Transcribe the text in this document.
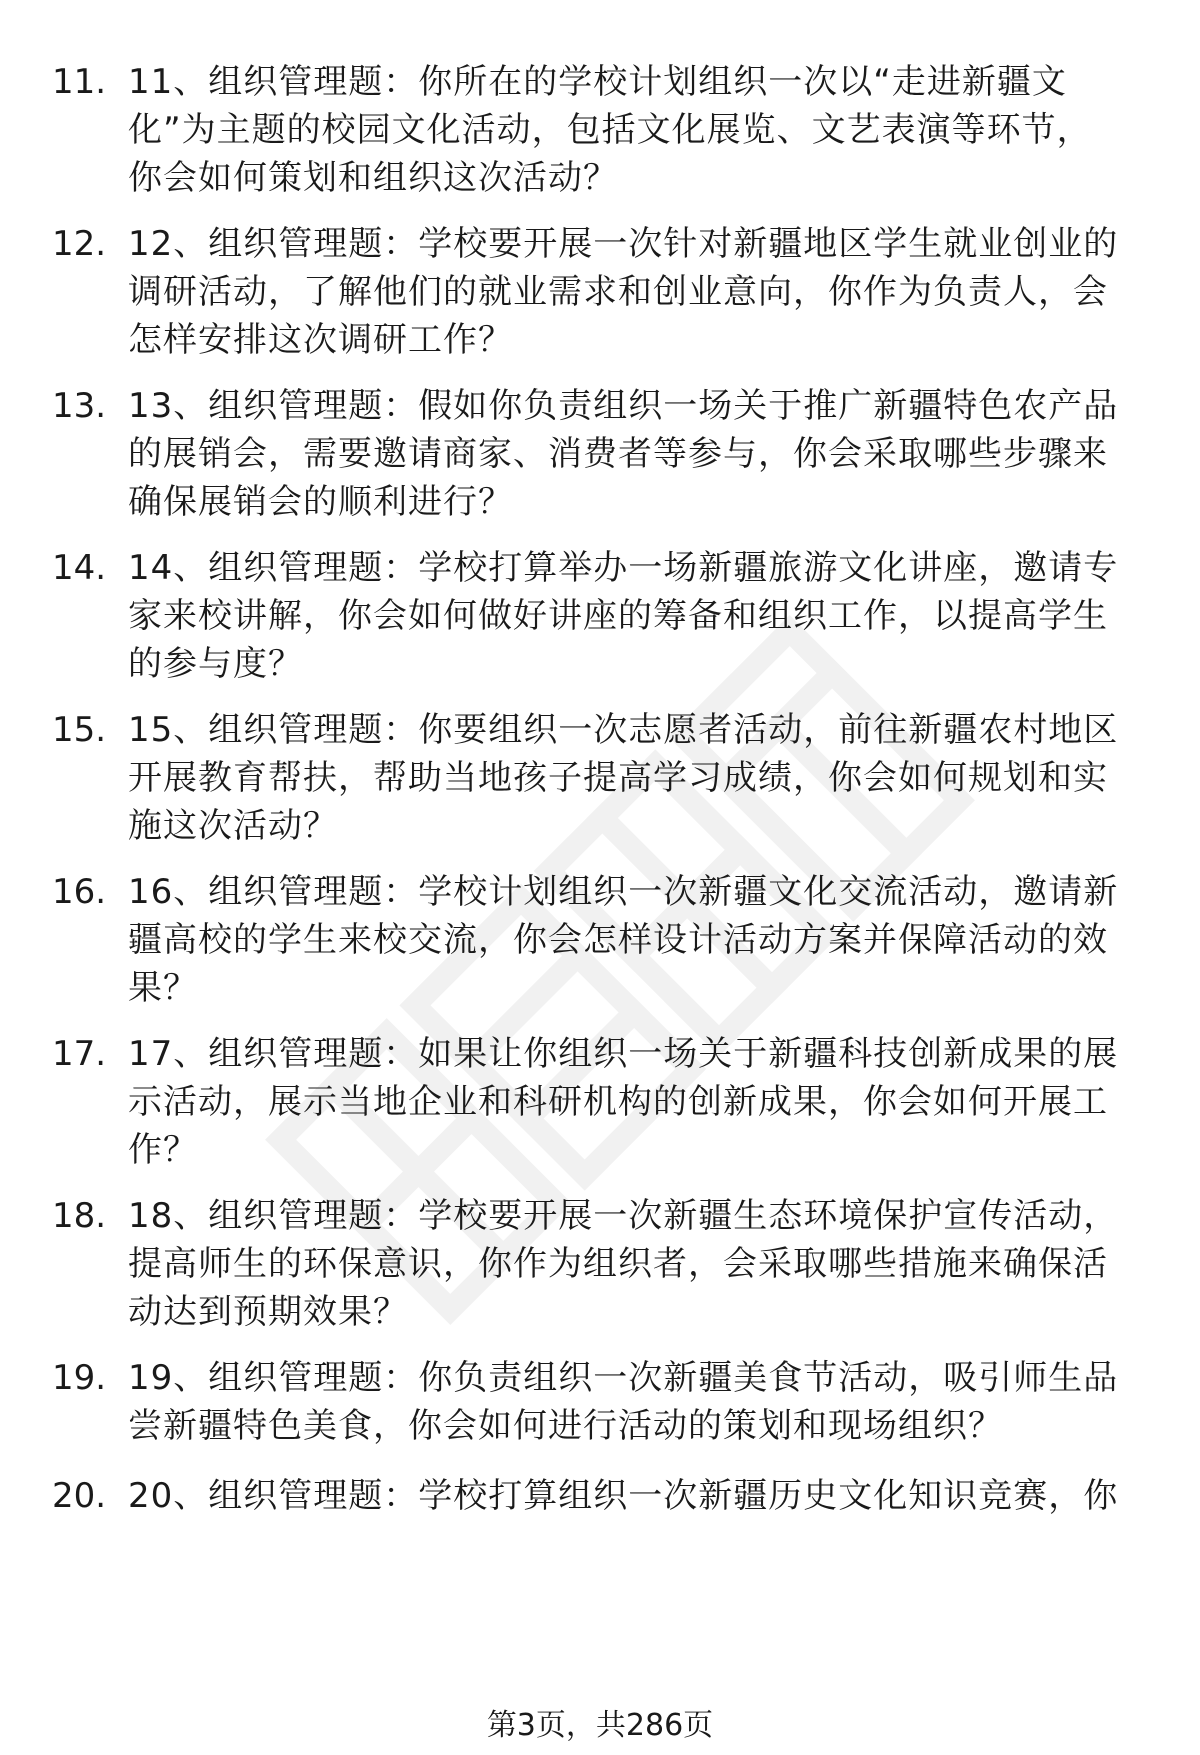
11. 11、组织管理题：你所在的学校计划组织一次以“走进新疆文
化”为主题的校园文化活动，包括文化展览、文艺表演等环节，
你会如何策划和组织这次活动？
12. 12、组织管理题：学校要开展一次针对新疆地区学生就业创业的
调研活动，了解他们的就业需求和创业意向，你作为负责人，会
怎样安排这次调研工作？
13. 13、组织管理题：假如你负责组织一场关于推广新疆特色农产品
的展销会，需要邀请商家、消费者等参与，你会采取哪些步骤来
确保展销会的顺利进行？
14. 14、组织管理题：学校打算举办一场新疆旅游文化讲座，邀请专
家来校讲解，你会如何做好讲座的筹备和组织工作，以提高学生
的参与度？
15. 15、组织管理题：你要组织一次志愿者活动，前往新疆农村地区
开展教育帮扶，帮助当地孩子提高学习成绩，你会如何规划和实
施这次活动？
16. 16、组织管理题：学校计划组织一次新疆文化交流活动，邀请新
疆高校的学生来校交流，你会怎样设计活动方案并保障活动的效
果？
17. 17、组织管理题：如果让你组织一场关于新疆科技创新成果的展
示活动，展示当地企业和科研机构的创新成果，你会如何开展工
作？
18. 18、组织管理题：学校要开展一次新疆生态环境保护宣传活动，
提高师生的环保意识，你作为组织者，会采取哪些措施来确保活
动达到预期效果？
19. 19、组织管理题：你负责组织一次新疆美食节活动，吸引师生品
尝新疆特色美食，你会如何进行活动的策划和现场组织？
20. 20、组织管理题：学校打算组织一次新疆历史文化知识竞赛，你
第3页，共286页
